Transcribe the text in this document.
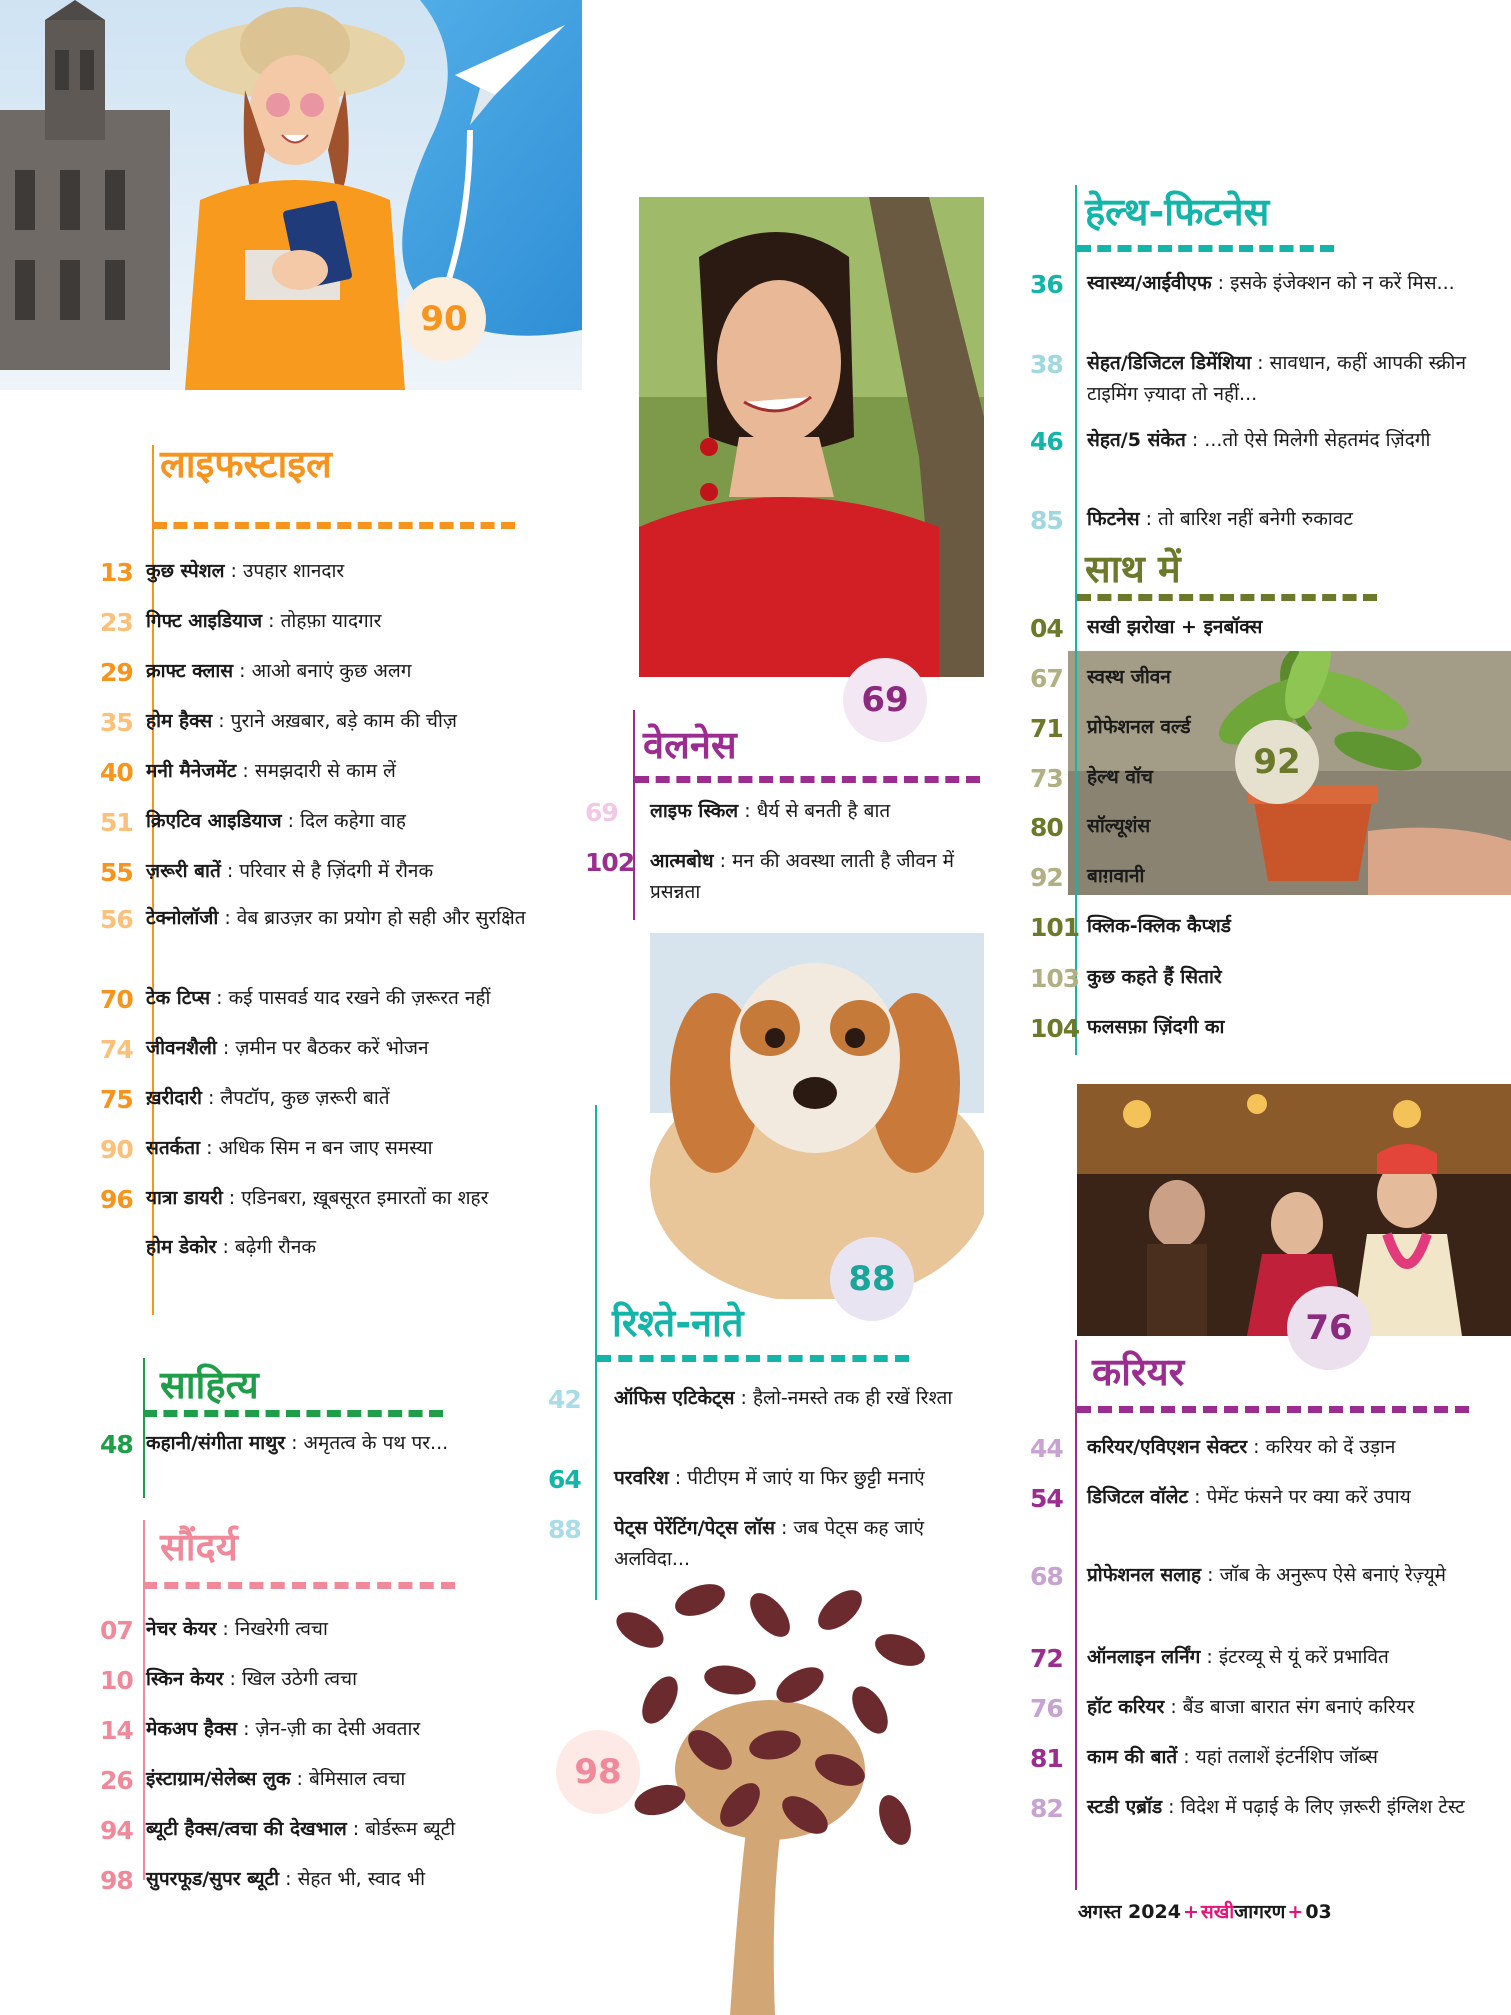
90
69
92
88
76
98
लाइफस्टाइल
साहित्य
सौंदर्य
वेलनेस
रिश्ते-नाते
हेल्थ-फिटनेस
साथ में
करियर
13 कुछ स्पेशल : उपहार शानदार
23 गिफ्ट आइडियाज : तोहफ़ा यादगार
29 क्राफ्ट क्लास : आओ बनाएं कुछ अलग
35 होम हैक्स : पुराने अख़बार, बड़े काम की चीज़
40 मनी मैनेजमेंट : समझदारी से काम लें
51 क्रिएटिव आइडियाज : दिल कहेगा वाह
55 ज़रूरी बातें : परिवार से है ज़िंदगी में रौनक
56 टेक्नोलॉजी : वेब ब्राउज़र का प्रयोग हो सही और सुरक्षित
70 टेक टिप्स : कई पासवर्ड याद रखने की ज़रूरत नहीं
74 जीवनशैली : ज़मीन पर बैठकर करें भोजन
75 ख़रीदारी : लैपटॉप, कुछ ज़रूरी बातें
90 सतर्कता : अधिक सिम न बन जाए समस्या
96 यात्रा डायरी : एडिनबरा, ख़ूबसूरत इमारतों का शहर
होम डेकोर : बढ़ेगी रौनक
48 कहानी/संगीता माथुर : अमृतत्व के पथ पर...
07 नेचर केयर : निखरेगी त्वचा
10 स्किन केयर : खिल उठेगी त्वचा
14 मेकअप हैक्स : ज़ेन-ज़ी का देसी अवतार
26 इंस्टाग्राम/सेलेब्स लुक : बेमिसाल त्वचा
94 ब्यूटी हैक्स/त्वचा की देखभाल : बोर्डरूम ब्यूटी
98 सुपरफूड/सुपर ब्यूटी : सेहत भी, स्वाद भी
69 लाइफ स्किल : धैर्य से बनती है बात
102 आत्मबोध : मन की अवस्था लाती है जीवन में प्रसन्नता
42 ऑफिस एटिकेट्स : हैलो-नमस्ते तक ही रखें रिश्ता
64 परवरिश : पीटीएम में जाएं या फिर छुट्टी मनाएं
88 पेट्स पेरेंटिंग/पेट्स लॉस : जब पेट्स कह जाएं अलविदा...
36 स्वास्थ्य/आईवीएफ : इसके इंजेक्शन को न करें मिस...
38 सेहत/डिजिटल डिमेंशिया : सावधान, कहीं आपकी स्क्रीन टाइमिंग ज़्यादा तो नहीं...
46 सेहत/5 संकेत : ...तो ऐसे मिलेगी सेहतमंद ज़िंदगी
85 फिटनेस : तो बारिश नहीं बनेगी रुकावट
04 सखी झरोखा + इनबॉक्स
67 स्वस्थ जीवन
71 प्रोफेशनल वर्ल्ड
73 हेल्थ वॉच
80 सॉल्यूशंस
92 बाग़वानी
101 क्लिक-क्लिक कैप्शर्ड
103 कुछ कहते हैं सितारे
104 फलसफ़ा ज़िंदगी का
44 करियर/एविएशन सेक्टर : करियर को दें उड़ान
54 डिजिटल वॉलेट : पेमेंट फंसने पर क्या करें उपाय
68 प्रोफेशनल सलाह : जॉब के अनुरूप ऐसे बनाएं रेज़्यूमे
72 ऑनलाइन लर्निंग : इंटरव्यू से यूं करें प्रभावित
76 हॉट करियर : बैंड बाजा बारात संग बनाएं करियर
81 काम की बातें : यहां तलाशें इंटर्नशिप जॉब्स
82 स्टडी एब्रॉड : विदेश में पढ़ाई के लिए ज़रूरी इंग्लिश टेस्ट
अगस्त 2024 + सखीजागरण + 03
